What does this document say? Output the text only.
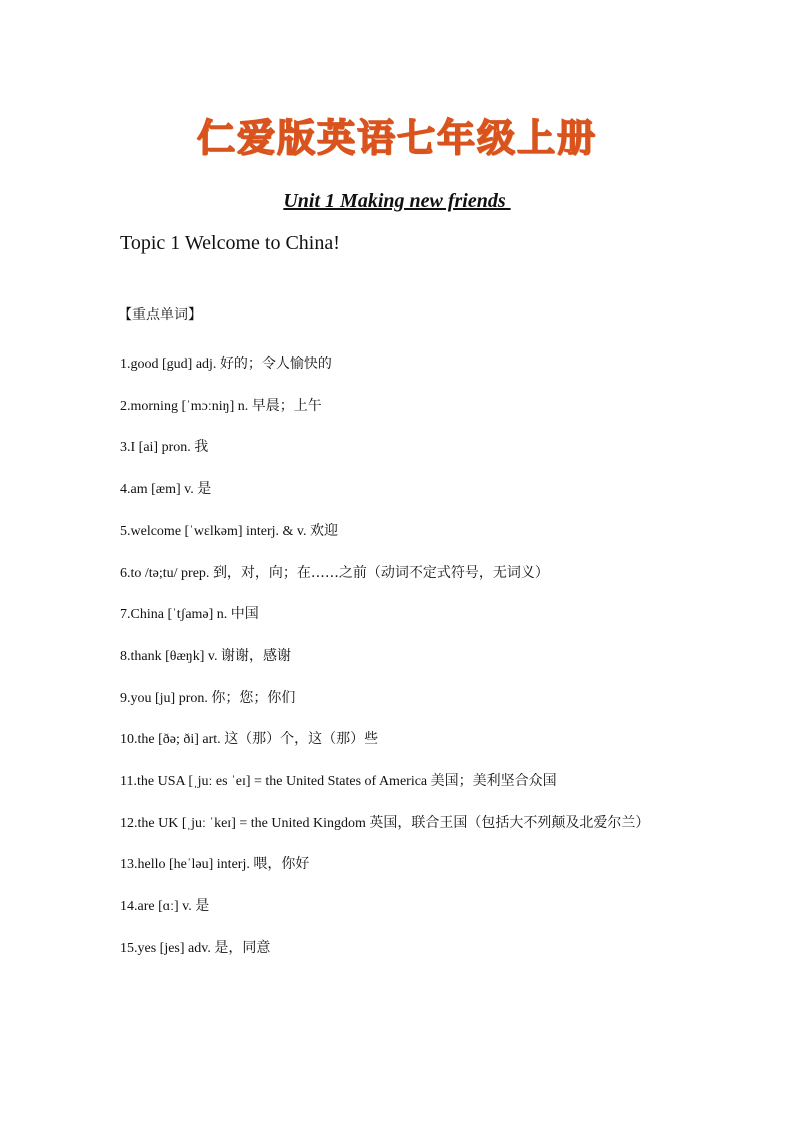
仁爱版英语七年级上册
Unit 1 Making new friends
Topic 1 Welcome to China!
【重点单词】
1.good [gud] adj. 好的；令人愉快的
2.morning [ˈmɔːniŋ] n. 早晨；上午
3.I [ai] pron. 我
4.am [æm] v. 是
5.welcome [ˈwɛlkəm] interj. & v. 欢迎
6.to /tə;tu/ prep. 到，对，向；在……之前（动词不定式符号，无词义）
7.China [ˈtʃamə] n. 中国
8.thank [θæŋk] v. 谢谢，感谢
9.you [ju] pron. 你；您；你们
10.the [ðə; ði] art. 这（那）个，这（那）些
11.the USA [ˌjuː es ˈeɪ] = the United States of America 美国；美利坚合众国
12.the UK [ˌjuː ˈkeɪ] = the United Kingdom 英国，联合王国（包括大不列颠及北爱尔兰）
13.hello [heˈləu] interj. 喂，你好
14.are [ɑː] v. 是
15.yes [jes] adv. 是，同意
